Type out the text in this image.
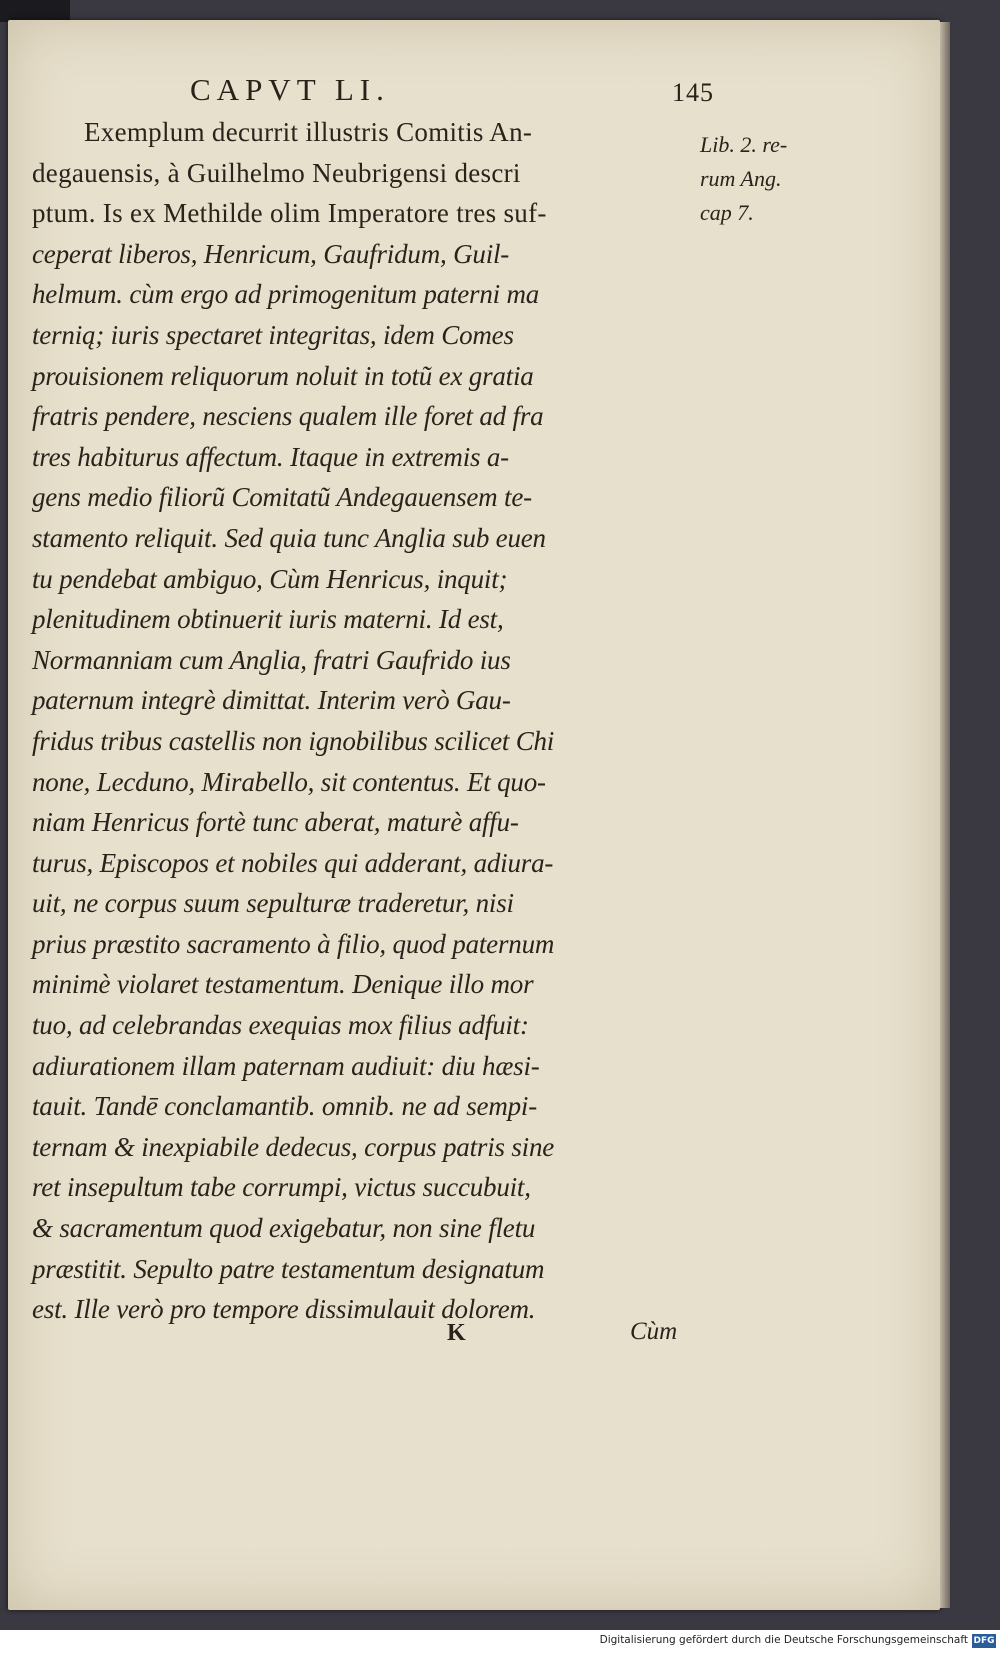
CAPVT LI.	145
Exemplum decurrit illustris Comitis An-
degauensis, à Guilhelmo Neubrigensi descri
ptum. Is ex Methilde olim Imperatore tres suf-
ceperat liberos, Henricum, Gaufridum, Guil-
helmum. cùm ergo ad primogenitum paterni ma
ternią; iuris spectaret integritas, idem Comes
prouisionem reliquorum noluit in totũ ex gratia
fratris pendere, nesciens qualem ille foret ad fra
tres habiturus affectum. Itaque in extremis a-
gens medio filiorũ Comitatũ Andegauensem te-
stamento reliquit. Sed quia tunc Anglia sub euen
tu pendebat ambiguo, Cùm Henricus, inquit;
plenitudinem obtinuerit iuris materni. Id est,
Normanniam cum Anglia, fratri Gaufrido ius
paternum integrè dimittat. Interim verò Gau-
fridus tribus castellis non ignobilibus scilicet Chi
none, Lecduno, Mirabello, sit contentus. Et quo-
niam Henricus fortè tunc aberat, maturè affu-
turus, Episcopos et nobiles qui adderant, adiura-
uit, ne corpus suum sepulturæ traderetur, nisi
prius præstito sacramento à filio, quod paternum
minimè violaret testamentum. Denique illo mor
tuo, ad celebrandas exequias mox filius adfuit:
adiurationem illam paternam audiuit: diu hæsi-
tauit. Tandē conclamantib. omnib. ne ad sempi-
ternam & inexpiabile dedecus, corpus patris sine
ret insepultum tabe corrumpi, victus succubuit,
& sacramentum quod exigebatur, non sine fletu
præstitit. Sepulto patre testamentum designatum
est. Ille verò pro tempore dissimulauit dolorem.
Lib. 2. re-
rum Ang.
cap 7.
K	Cùm
Digitalisierung gefördert durch die Deutsche Forschungsgemeinschaft DFG
